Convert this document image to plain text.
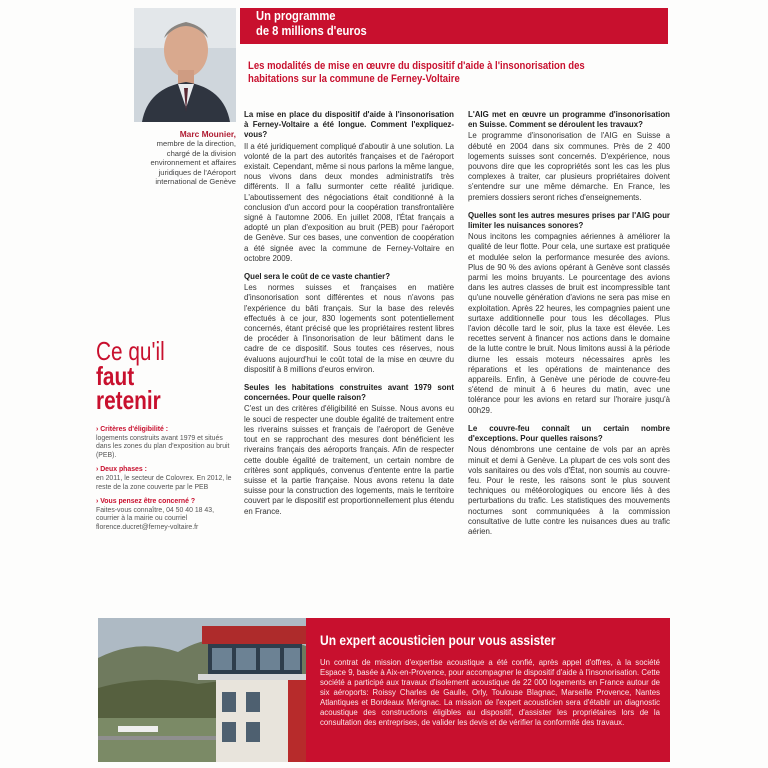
Marc Mounier,
membre de la direction, chargé de la division environnement et affaires juridiques de l'Aéroport international de Genève
Un programme
de 8 millions d'euros
Les modalités de mise en œuvre du dispositif d'aide à l'insonorisation des habitations sur la commune de Ferney-Voltaire
La mise en place du dispositif d'aide à l'insonorisation à Ferney-Voltaire a été longue. Comment l'expliquez-vous?
Il a été juridiquement compliqué d'aboutir à une solution. La volonté de la part des autorités françaises et de l'aéroport existait. Cependant, même si nous parlons la même langue, nous vivons dans deux mondes administratifs très différents. Il a fallu surmonter cette réalité juridique. L'aboutissement des négociations était conditionné à la conclusion d'un accord pour la coopération transfrontalière signé à l'automne 2006. En juillet 2008, l'État français a adopté un plan d'exposition au bruit (PEB) pour l'aéroport de Genève. Sur ces bases, une convention de coopération a été signée avec la commune de Ferney-Voltaire en octobre 2009.
Quel sera le coût de ce vaste chantier?
Les normes suisses et françaises en matière d'insonorisation sont différentes et nous n'avons pas l'expérience du bâti français. Sur la base des relevés effectués à ce jour, 830 logements sont potentiellement concernés, étant précisé que les propriétaires restent libres de procéder à l'insonorisation de leur bâtiment dans le cadre de ce dispositif. Sous toutes ces réserves, nous évaluons aujourd'hui le coût total de la mise en œuvre du dispositif à 8 millions d'euros environ.
Seules les habitations construites avant 1979 sont concernées. Pour quelle raison?
C'est un des critères d'éligibilité en Suisse. Nous avons eu le souci de respecter une double égalité de traitement entre les riverains suisses et français de l'aéroport de Genève tout en se rapprochant des mesures dont bénéficient les riverains français des aéroports français. Afin de respecter cette double égalité de traitement, un certain nombre de critères sont appliqués, convenus d'entente entre la partie suisse et la partie française. Nous avons retenu la date suisse pour la construction des logements, mais le territoire couvert par le dispositif est proportionnellement plus étendu en France.
L'AIG met en œuvre un programme d'insonorisation en Suisse. Comment se déroulent les travaux?
Le programme d'insonorisation de l'AIG en Suisse a débuté en 2004 dans six communes. Près de 2 400 logements suisses sont concernés. D'expérience, nous pouvons dire que les copropriétés sont les cas les plus complexes à traiter, car plusieurs propriétaires doivent s'entendre sur une même démarche. En France, les premiers dossiers seront riches d'enseignements.
Quelles sont les autres mesures prises par l'AIG pour limiter les nuisances sonores?
Nous incitons les compagnies aériennes à améliorer la qualité de leur flotte. Pour cela, une surtaxe est pratiquée et modulée selon la performance mesurée des avions. Plus de 90 % des avions opérant à Genève sont classés parmi les moins bruyants. Le pourcentage des avions dans les autres classes de bruit est incompressible tant qu'une nouvelle génération d'avions ne sera pas mise en exploitation. Après 22 heures, les compagnies paient une surtaxe additionnelle pour tous les décollages. Plus l'avion décolle tard le soir, plus la taxe est élevée. Les recettes servent à financer nos actions dans le domaine de la lutte contre le bruit. Nous limitons aussi à la période diurne les essais moteurs nécessaires après les réparations et les opérations de maintenance des appareils. Enfin, à Genève une période de couvre-feu s'étend de minuit à 6 heures du matin, avec une tolérance pour les avions en retard sur l'horaire jusqu'à 00h29.
Le couvre-feu connaît un certain nombre d'exceptions. Pour quelles raisons?
Nous dénombrons une centaine de vols par an après minuit et demi à Genève. La plupart de ces vols sont des vols sanitaires ou des vols d'État, non soumis au couvre-feu. Pour le reste, les raisons sont le plus souvent techniques ou météorologiques ou encore liés à des perturbations du trafic. Les statistiques des mouvements nocturnes sont communiquées à la commission consultative de lutte contre les nuisances dues au trafic aérien.
Ce qu'il
faut
retenir
› Critères d'éligibilité :
logements construits avant 1979 et situés dans les zones du plan d'exposition au bruit (PEB).
› Deux phases :
en 2011, le secteur de Colovrex. En 2012, le reste de la zone couverte par le PEB
› Vous pensez être concerné ?
Faites-vous connaître, 04 50 40 18 43, courrier à la mairie ou courriel florence.ducret@ferney-voltaire.fr
Un expert acousticien pour vous assister
Un contrat de mission d'expertise acoustique a été confié, après appel d'offres, à la société Espace 9, basée à Aix-en-Provence, pour accompagner le dispositif d'aide à l'insonorisation. Cette société a participé aux travaux d'isolement acoustique de 22 000 logements en France autour de six aéroports: Roissy Charles de Gaulle, Orly, Toulouse Blagnac, Marseille Provence, Nantes Atlantiques et Bordeaux Mérignac. La mission de l'expert acousticien sera d'établir un diagnostic acoustique des constructions éligibles au dispositif, d'assister les propriétaires lors de la consultation des entreprises, de valider les devis et de vérifier la conformité des travaux.
